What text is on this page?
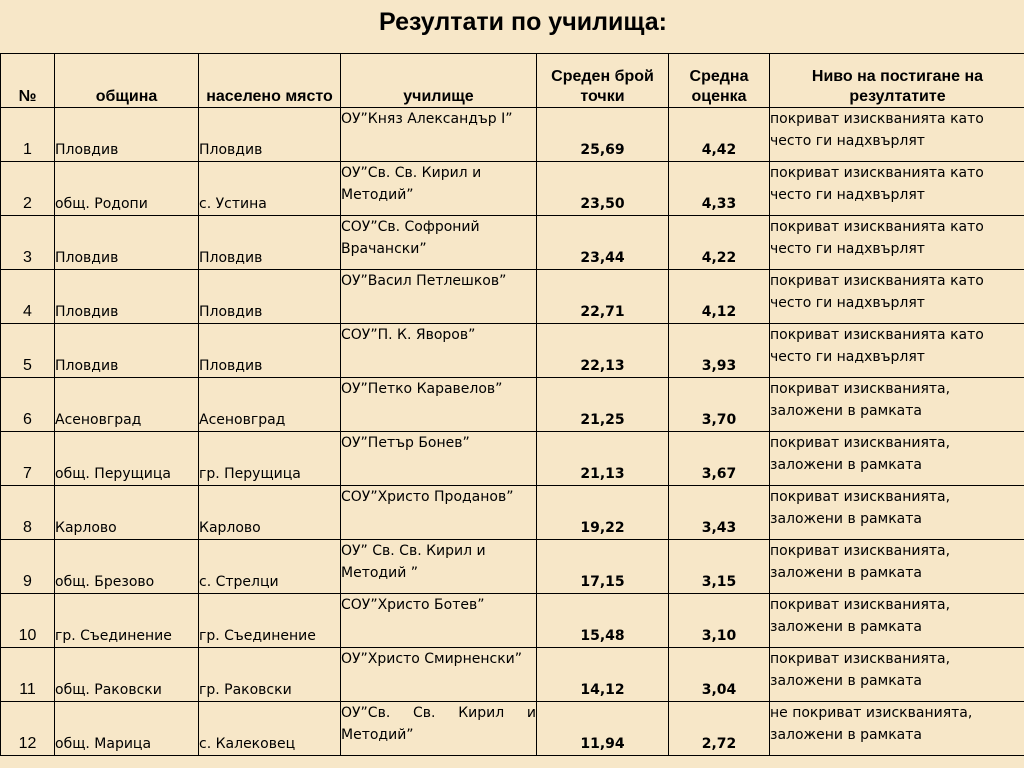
Резултати по училища:
№	община	населено място	училище	Среден брой точки	Средна оценка	Ниво на постигане на резултатите
1	Пловдив	Пловдив	ОУ”Княз Александър I”	25,69	4,42	покриват изискванията като често ги надхвърлят

2	общ. Родопи	с. Устина	ОУ”Св. Св. Кирил и Методий”	23,50	4,33	покриват изискванията като често ги надхвърлят

3	Пловдив	Пловдив	СОУ”Св. Софроний Врачански”	23,44	4,22	покриват изискванията като често ги надхвърлят

4	Пловдив	Пловдив	ОУ”Васил Петлешков”	22,71	4,12	покриват изискванията като често ги надхвърлят

5	Пловдив	Пловдив	СОУ”П. К. Яворов”	22,13	3,93	покриват изискванията като често ги надхвърлят

6	Асеновград	Асеновград	ОУ”Петко Каравелов”	21,25	3,70	покриват изискванията, заложени в рамката

7	общ. Перущица	гр. Перущица	ОУ”Петър Бонев”	21,13	3,67	покриват изискванията, заложени в рамката

8	Карлово	Карлово	СОУ”Христо Проданов”	19,22	3,43	покриват изискванията, заложени в рамката

9	общ. Брезово	с. Стрелци	ОУ” Св. Св. Кирил и Методий ”	17,15	3,15	покриват изискванията, заложени в рамката

10	гр. Съединение	гр. Съединение	СОУ”Христо Ботев”	15,48	3,10	покриват изискванията, заложени в рамката

11	общ. Раковски	гр. Раковски	ОУ”Христо Смирненски”	14,12	3,04	покриват изискванията, заложени в рамката

12	общ. Марица	с. Калековец	ОУ”Св. Св. Кирил и Методий”	11,94	2,72	не покриват изискванията, заложени в рамката
